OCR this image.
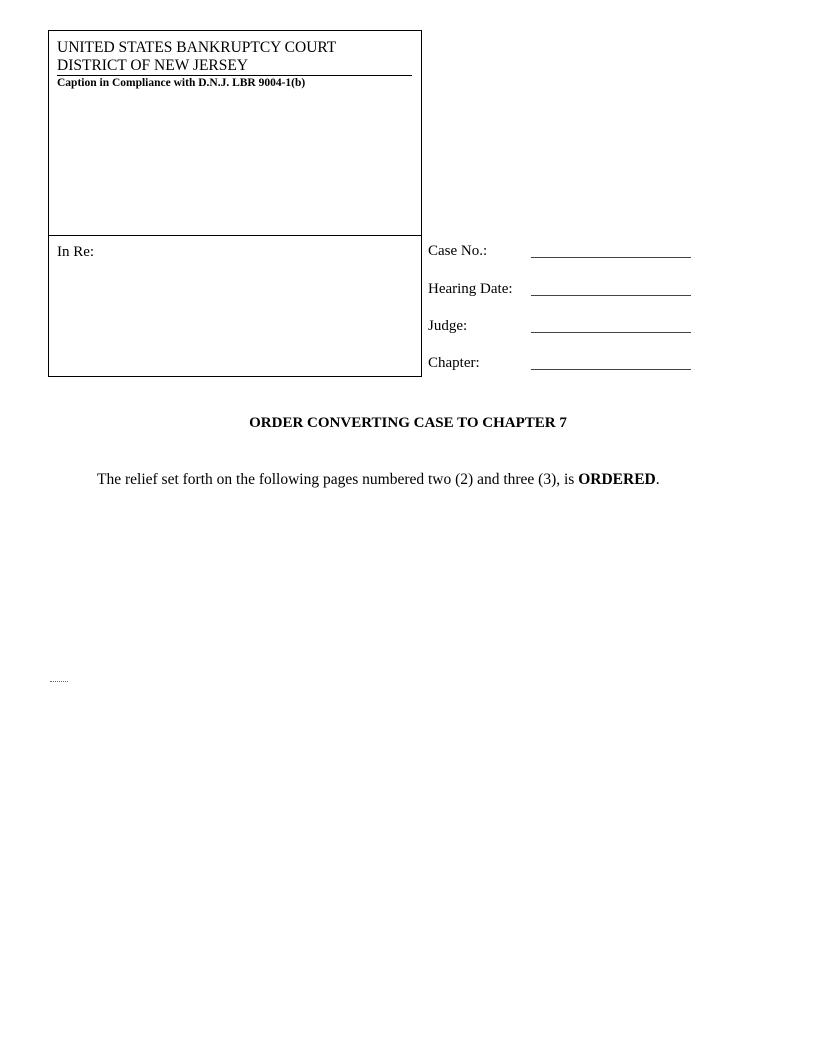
UNITED STATES BANKRUPTCY COURT
DISTRICT OF NEW JERSEY
Caption in Compliance with D.N.J. LBR 9004-1(b)
In Re:	Case No.:
Hearing Date:
Judge:
Chapter:
ORDER CONVERTING CASE TO CHAPTER 7
The relief set forth on the following pages numbered two (2) and three (3), is ORDERED.
